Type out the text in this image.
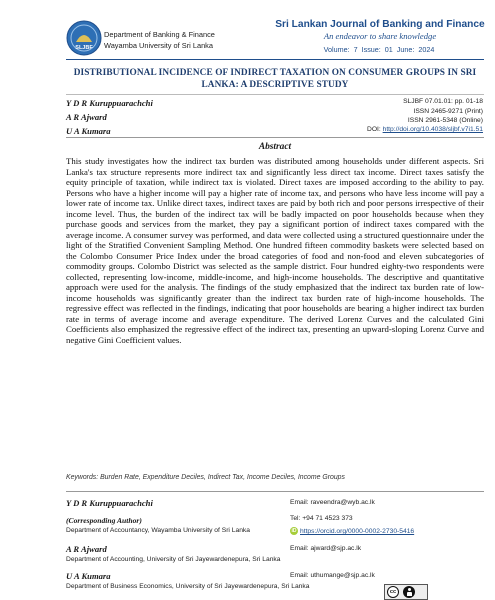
SLJBF
Department of Banking & Finance
Wayamba University of Sri Lanka
Sri Lankan Journal of Banking and Finance
An endeavor to share knowledge
Volume: 7 Issue: 01 June: 2024
DISTRIBUTIONAL INCIDENCE OF INDIRECT TAXATION ON CONSUMER GROUPS IN SRI LANKA: A DESCRIPTIVE STUDY
Y D R Kuruppuarachchi
A R Ajward
U A Kumara
SLJBF 07.01.01: pp. 01-18
ISSN 2465-9271 (Print)
ISSN 2961-5348 (Online)
DOI: http://doi.org/10.4038/sljbf.v7i1.51
Abstract

This study investigates how the indirect tax burden was distributed among households under different aspects. Sri Lanka's tax structure represents more indirect tax and significantly less direct tax income. Direct taxes satisfy the equity principle of taxation, while indirect tax is violated. Direct taxes are imposed according to the ability to pay. Persons who have a higher income will pay a higher rate of income tax, and persons who have less income will pay a lower rate of income tax. Unlike direct taxes, indirect taxes are paid by both rich and poor persons irrespective of their income level. Thus, the burden of the indirect tax will be badly impacted on poor households because when they purchase goods and services from the market, they pay a significant portion of indirect taxes compared with the average income. A consumer survey was performed, and data were collected using a structured questionnaire under the light of the Stratified Convenient Sampling Method. One hundred fifteen commodity baskets were selected based on the Colombo Consumer Price Index under the broad categories of food and non-food and eleven subcategories of commodity groups. Colombo District was selected as the sample district. Four hundred eighty-two respondents were collected, representing low-income, middle-income, and high-income households. The descriptive and quantitative approach were used for the analysis. The findings of the study emphasized that the indirect tax burden rate of low-income households was significantly greater than the indirect tax burden rate of high-income households. The regressive effect was reflected in the findings, indicating that poor households are bearing a higher indirect tax burden rate in terms of average income and average expenditure. The derived Lorenz Curves and the calculated Gini Coefficients also emphasized the regressive effect of the indirect tax, presenting an upward-sloping Lorenz Curve and negative Gini Coefficient values.

Keywords: Burden Rate, Expenditure Deciles, Indirect Tax, Income Deciles, Income Groups
Y D R Kuruppuarachchi
(Corresponding Author)
Department of Accountancy, Wayamba University of Sri Lanka
Email: raveendra@wyb.ac.lk
Tel: +94 71 4523 373
iD https://orcid.org/0000-0002-2730-5416
A R Ajward
Department of Accounting, University of Sri Jayewardenepura, Sri Lanka
Email: ajward@sjp.ac.lk
U A Kumara
Department of Business Economics, University of Sri Jayewardenepura, Sri Lanka
Email: uthumange@sjp.ac.lk
cc
